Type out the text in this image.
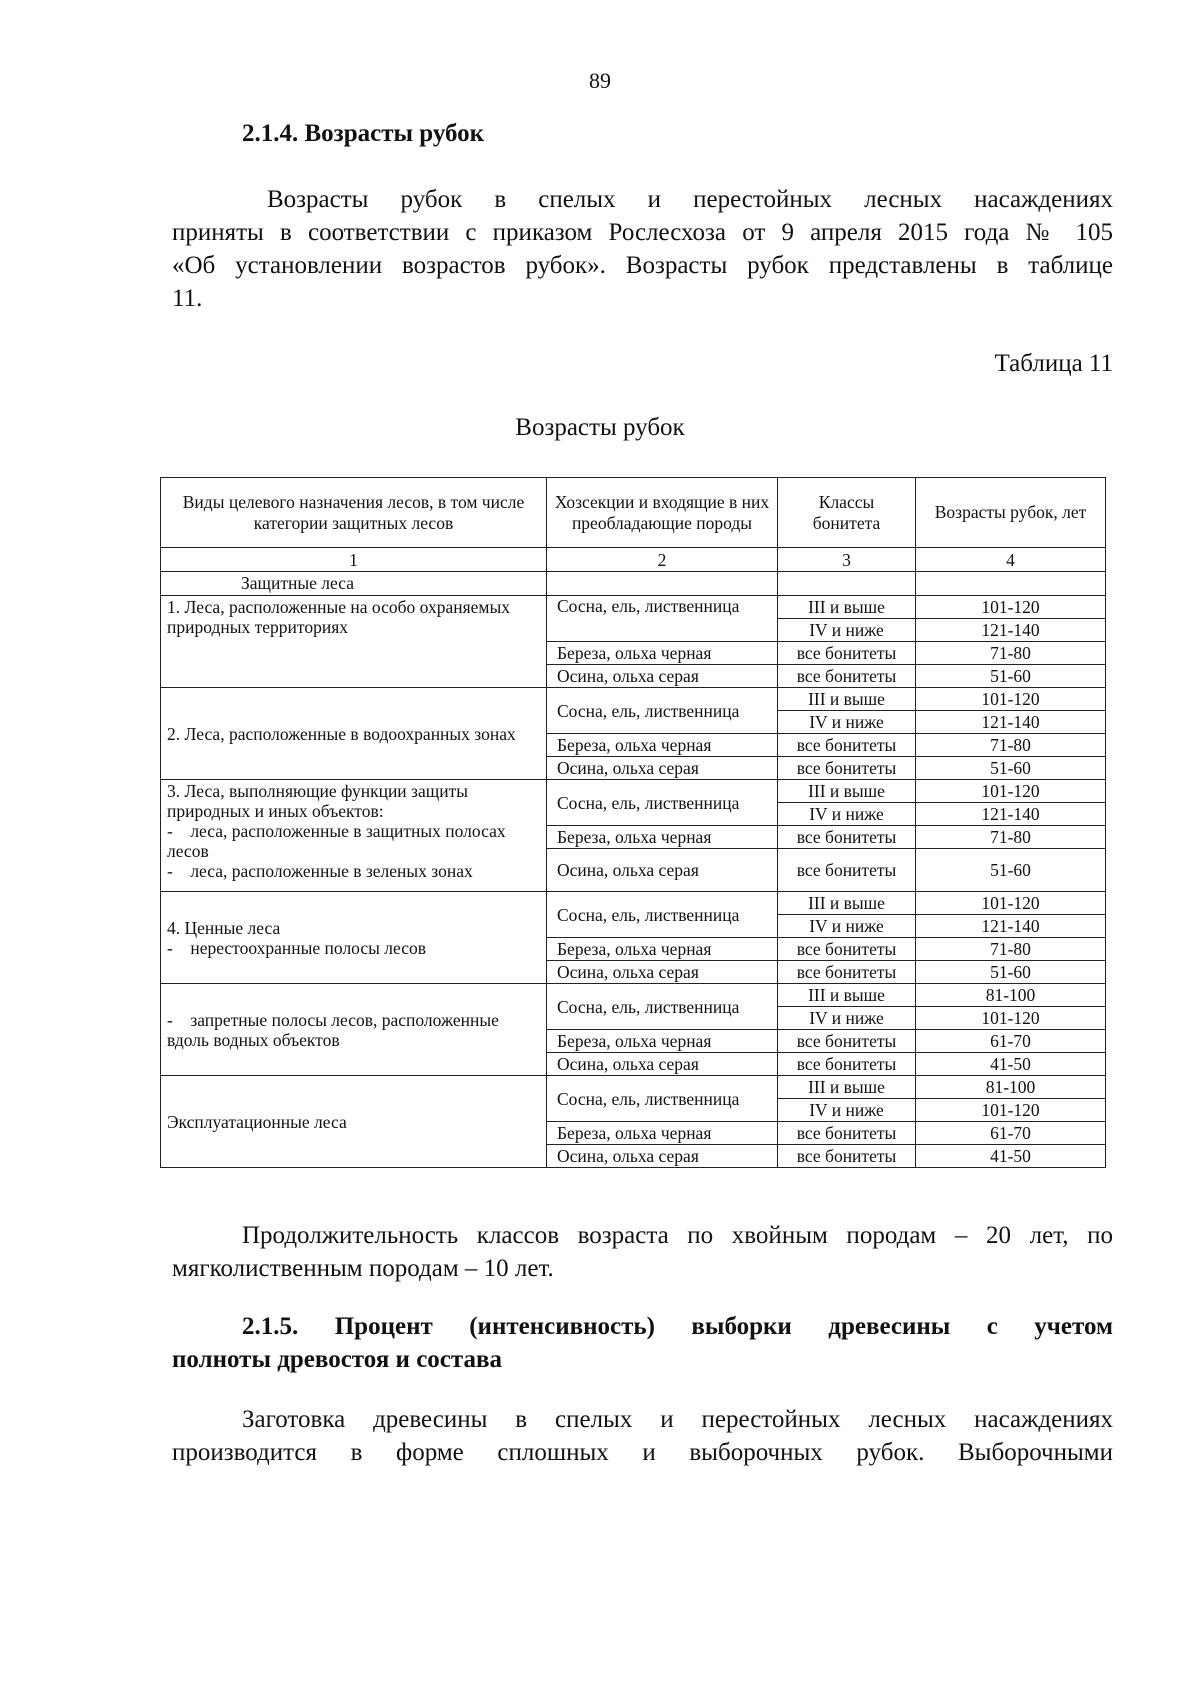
89
2.1.4. Возрасты рубок
Возрасты рубок в спелых и перестойных лесных насаждениях
приняты в соответствии с приказом Рослесхоза от 9 апреля 2015 года № 105
«Об установлении возрастов рубок». Возрасты рубок представлены в таблице
11.
Таблица 11
Возрасты рубок
Виды целевого назначения лесов, в том числе категории защитных лесов	Хозсекции и входящие в них преобладающие породы	Классы бонитета	Возрасты рубок, лет
1	2	3	4
Защитные леса			
1. Леса, расположенные на особо охраняемых природных территориях	Сосна, ель, лиственница	III и выше	101-120
		IV и ниже	121-140
	Береза, ольха черная	все бонитеты	71-80
	Осина, ольха серая	все бонитеты	51-60
2. Леса, расположенные в водоохранных зонах	Сосна, ель, лиственница	III и выше	101-120
		IV и ниже	121-140
	Береза, ольха черная	все бонитеты	71-80
	Осина, ольха серая	все бонитеты	51-60

3. Леса, выполняющие функции защиты природных и иных объектов:
-    леса, расположенные в защитных полосах лесов
-    леса, расположенные в зеленых зонах	Сосна, ель, лиственница	III и выше	101-120
		IV и ниже	121-140
	Береза, ольха черная	все бонитеты	71-80
	Осина, ольха серая	все бонитеты	51-60

4. Ценные леса
-    нерестоохранные полосы лесов	Сосна, ель, лиственница	III и выше	101-120
		IV и ниже	121-140
	Береза, ольха черная	все бонитеты	71-80
	Осина, ольха серая	все бонитеты	51-60
-    запретные полосы лесов, расположенные вдоль водных объектов	Сосна, ель, лиственница	III и выше	81-100
		IV и ниже	101-120
	Береза, ольха черная	все бонитеты	61-70
	Осина, ольха серая	все бонитеты	41-50
Эксплуатационные леса	Сосна, ель, лиственница	III и выше	81-100
		IV и ниже	101-120
	Береза, ольха черная	все бонитеты	61-70
	Осина, ольха серая	все бонитеты	41-50
Продолжительность классов возраста по хвойным породам – 20 лет, по
мягколиственным породам – 10 лет.
2.1.5. Процент (интенсивность) выборки древесины с учетом
полноты древостоя и состава
Заготовка древесины в спелых и перестойных лесных насаждениях
производится в форме сплошных и выборочных рубок. Выборочными
